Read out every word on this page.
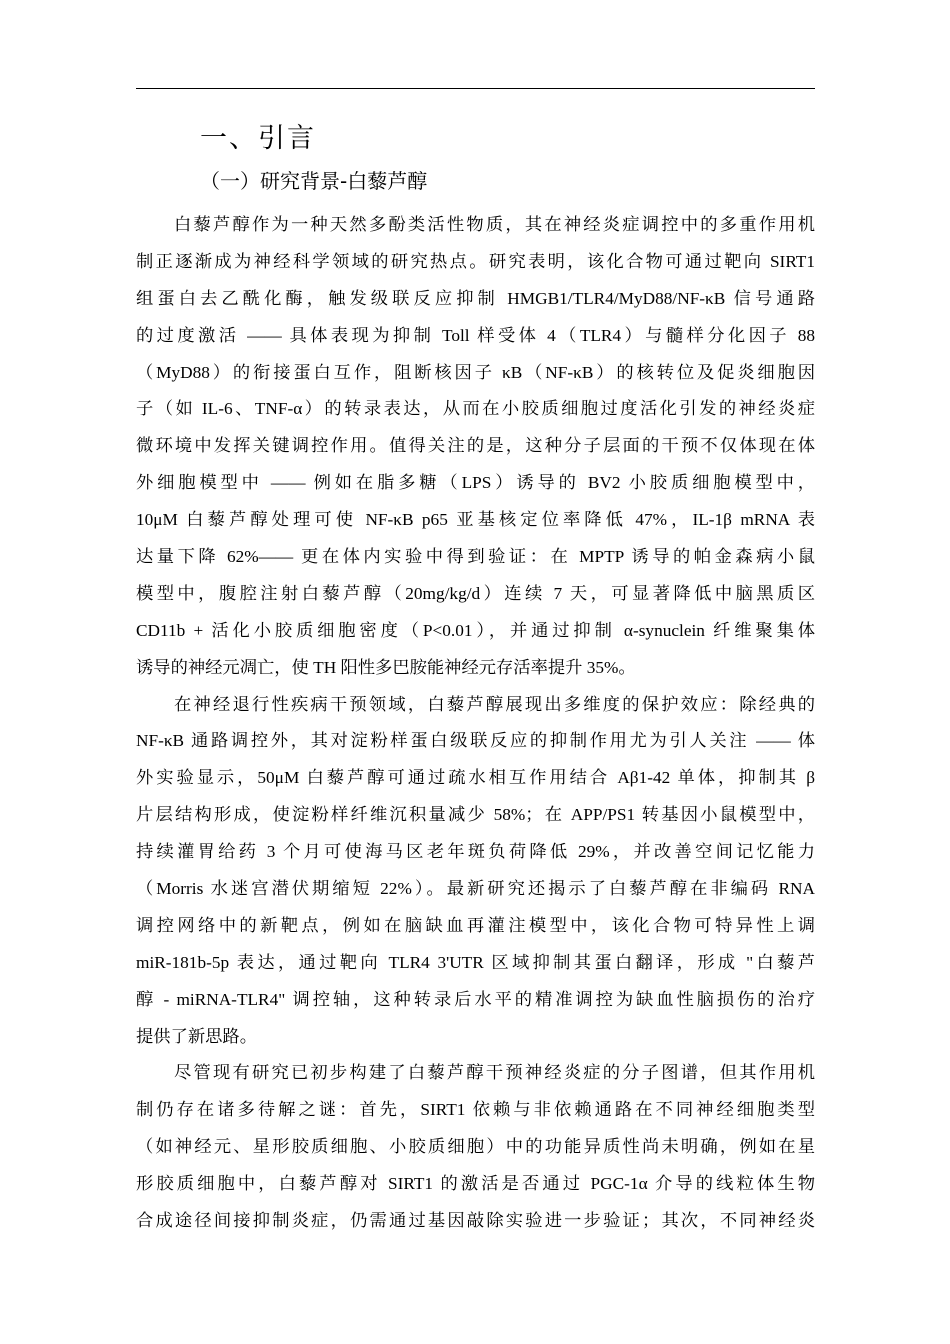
一、引言
（一）研究背景-白藜芦醇
白藜芦醇作为一种天然多酚类活性物质，其在神经炎症调控中的多重作用机
制正逐渐成为神经科学领域的研究热点。研究表明，该化合物可通过靶向 SIRT1
组蛋白去乙酰化酶，触发级联反应抑制 HMGB1/TLR4/MyD88/NF-κB 信号通路
的过度激活 —— 具体表现为抑制 Toll 样受体 4（TLR4）与髓样分化因子 88
（MyD88）的衔接蛋白互作，阻断核因子 κB（NF-κB）的核转位及促炎细胞因
子（如 IL-6、TNF-α）的转录表达，从而在小胶质细胞过度活化引发的神经炎症
微环境中发挥关键调控作用。值得关注的是，这种分子层面的干预不仅体现在体
外细胞模型中 —— 例如在脂多糖（LPS）诱导的 BV2 小胶质细胞模型中，
10μM 白藜芦醇处理可使 NF-κB p65 亚基核定位率降低 47%，IL-1β mRNA 表
达量下降 62%—— 更在体内实验中得到验证：在 MPTP 诱导的帕金森病小鼠
模型中，腹腔注射白藜芦醇（20mg/kg/d）连续 7 天，可显著降低中脑黑质区
CD11b + 活化小胶质细胞密度（P<0.01），并通过抑制 α-synuclein 纤维聚集体
诱导的神经元凋亡，使 TH 阳性多巴胺能神经元存活率提升 35%。
在神经退行性疾病干预领域，白藜芦醇展现出多维度的保护效应：除经典的
NF-κB 通路调控外，其对淀粉样蛋白级联反应的抑制作用尤为引人关注 —— 体
外实验显示，50μM 白藜芦醇可通过疏水相互作用结合 Aβ1-42 单体，抑制其 β
片层结构形成，使淀粉样纤维沉积量减少 58%；在 APP/PS1 转基因小鼠模型中，
持续灌胃给药 3 个月可使海马区老年斑负荷降低 29%，并改善空间记忆能力
（Morris 水迷宫潜伏期缩短 22%）。最新研究还揭示了白藜芦醇在非编码 RNA
调控网络中的新靶点，例如在脑缺血再灌注模型中，该化合物可特异性上调
miR-181b-5p 表达，通过靶向 TLR4 3'UTR 区域抑制其蛋白翻译，形成 "白藜芦
醇 - miRNA-TLR4" 调控轴，这种转录后水平的精准调控为缺血性脑损伤的治疗
提供了新思路。
尽管现有研究已初步构建了白藜芦醇干预神经炎症的分子图谱，但其作用机
制仍存在诸多待解之谜：首先，SIRT1 依赖与非依赖通路在不同神经细胞类型
（如神经元、星形胶质细胞、小胶质细胞）中的功能异质性尚未明确，例如在星
形胶质细胞中，白藜芦醇对 SIRT1 的激活是否通过 PGC-1α 介导的线粒体生物
合成途径间接抑制炎症，仍需通过基因敲除实验进一步验证；其次，不同神经炎
